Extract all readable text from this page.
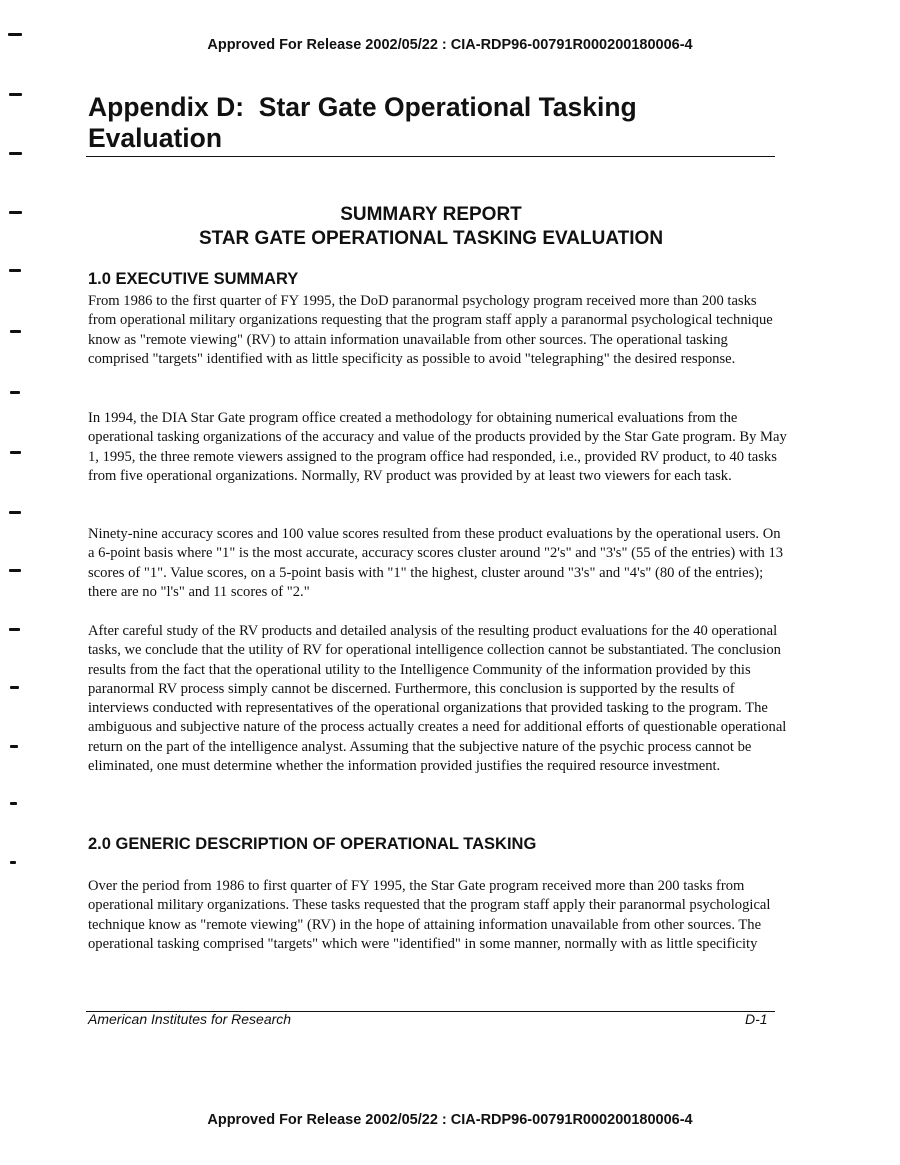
Approved For Release 2002/05/22 : CIA-RDP96-00791R000200180006-4
Appendix D:  Star Gate Operational Tasking
Evaluation
SUMMARY REPORT
STAR GATE OPERATIONAL TASKING EVALUATION
1.0 EXECUTIVE SUMMARY

From 1986 to the first quarter of FY 1995, the DoD paranormal psychology program received more than 200 tasks from operational military organizations requesting that the program staff apply a paranormal psychological technique know as "remote viewing" (RV) to attain information unavailable from other sources. The operational tasking comprised "targets" identified with as little specificity as possible to avoid "telegraphing" the desired response.

In 1994, the DIA Star Gate program office created a methodology for obtaining numerical evaluations from the operational tasking organizations of the accuracy and value of the products provided by the Star Gate program. By May 1, 1995, the three remote viewers assigned to the program office had responded, i.e., provided RV product, to 40 tasks from five operational organizations. Normally, RV product was provided by at least two viewers for each task.

Ninety-nine accuracy scores and 100 value scores resulted from these product evaluations by the operational users. On a 6-point basis where "1" is the most accurate, accuracy scores cluster around "2's" and "3's" (55 of the entries) with 13 scores of "1". Value scores, on a 5-point basis with "1" the highest, cluster around "3's" and "4's" (80 of the entries); there are no "l's" and 11 scores of "2."

After careful study of the RV products and detailed analysis of the resulting product evaluations for the 40 operational tasks, we conclude that the utility of RV for operational intelligence collection cannot be substantiated. The conclusion results from the fact that the operational utility to the Intelligence Community of the information provided by this paranormal RV process simply cannot be discerned. Furthermore, this conclusion is supported by the results of interviews conducted with representatives of the operational organizations that provided tasking to the program. The ambiguous and subjective nature of the process actually creates a need for additional efforts of questionable operational return on the part of the intelligence analyst. Assuming that the subjective nature of the psychic process cannot be eliminated, one must determine whether the information provided justifies the required resource investment.

2.0 GENERIC DESCRIPTION OF OPERATIONAL TASKING

Over the period from 1986 to first quarter of FY 1995, the Star Gate program received more than 200 tasks from operational military organizations. These tasks requested that the program staff apply their paranormal psychological technique know as "remote viewing" (RV) in the hope of attaining information unavailable from other sources. The operational tasking comprised "targets" which were "identified" in some manner, normally with as little specificity

American Institutes for Research	D-1
Approved For Release 2002/05/22 : CIA-RDP96-00791R000200180006-4
